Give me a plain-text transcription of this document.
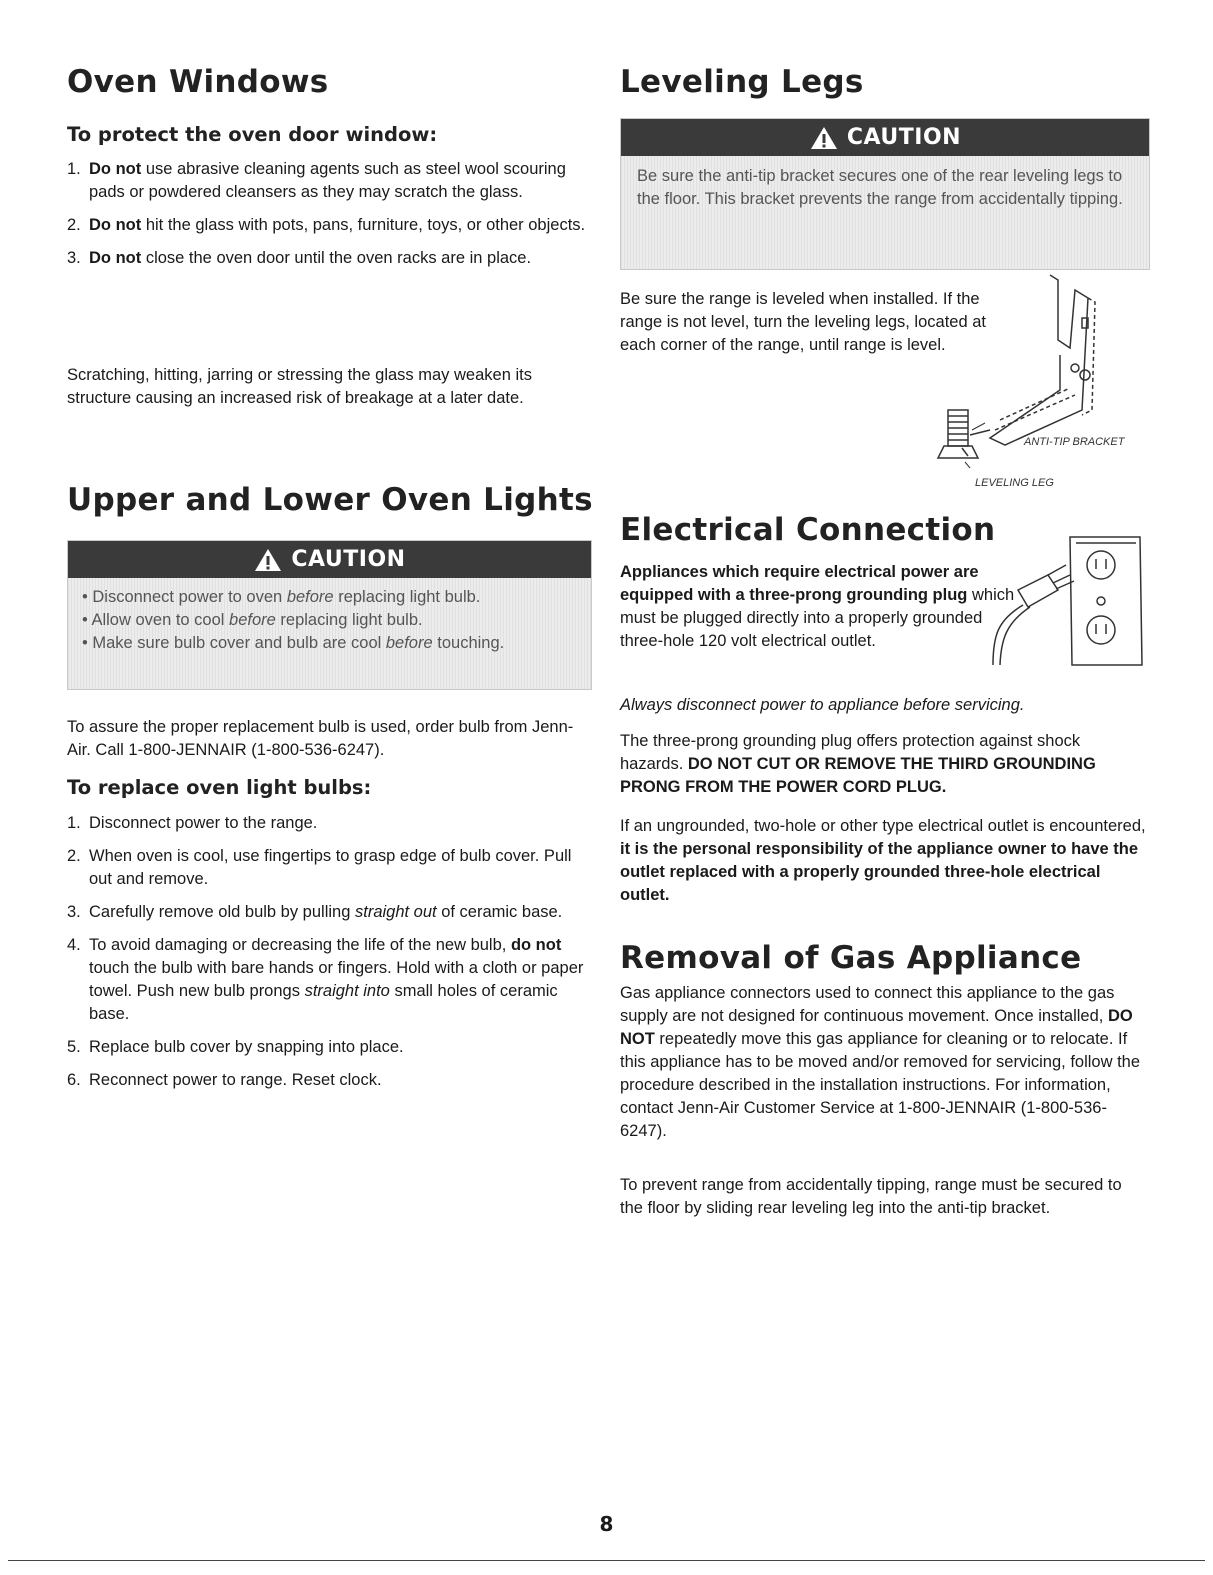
Oven Windows
To protect the oven door window:
1. Do not use abrasive cleaning agents such as steel wool scouring pads or powdered cleansers as they may scratch the glass.
2. Do not hit the glass with pots, pans, furniture, toys, or other objects.
3. Do not close the oven door until the oven racks are in place.

Scratching, hitting, jarring or stressing the glass may weaken its structure causing an increased risk of breakage at a later date.

Upper and Lower Oven Lights
CAUTION
• Disconnect power to oven before replacing light bulb.
• Allow oven to cool before replacing light bulb.
• Make sure bulb cover and bulb are cool before touching.

To assure the proper replacement bulb is used, order bulb from Jenn-Air. Call 1-800-JENNAIR (1-800-536-6247).

To replace oven light bulbs:
1. Disconnect power to the range.
2. When oven is cool, use fingertips to grasp edge of bulb cover. Pull out and remove.
3. Carefully remove old bulb by pulling straight out of ceramic base.
4. To avoid damaging or decreasing the life of the new bulb, do not touch the bulb with bare hands or fingers. Hold with a cloth or paper towel. Push new bulb prongs straight into small holes of ceramic base.
5. Replace bulb cover by snapping into place.
6. Reconnect power to range. Reset clock.
Leveling Legs
CAUTION
Be sure the anti-tip bracket secures one of the rear leveling legs to the floor. This bracket prevents the range from accidentally tipping.

Be sure the range is leveled when installed. If the range is not level, turn the leveling legs, located at each corner of the range, until range is level.

ANTI-TIP BRACKET
LEVELING LEG
Electrical Connection

Appliances which require electrical power are equipped with a three-prong grounding plug which must be plugged directly into a properly grounded three-hole 120 volt electrical outlet.

Always disconnect power to appliance before servicing.

The three-prong grounding plug offers protection against shock hazards. DO NOT CUT OR REMOVE THE THIRD GROUNDING PRONG FROM THE POWER CORD PLUG.

If an ungrounded, two-hole or other type electrical outlet is encountered, it is the personal responsibility of the appliance owner to have the outlet replaced with a properly grounded three-hole electrical outlet.

Removal of Gas Appliance

Gas appliance connectors used to connect this appliance to the gas supply are not designed for continuous movement. Once installed, DO NOT repeatedly move this gas appliance for cleaning or to relocate. If this appliance has to be moved and/or removed for servicing, follow the procedure described in the installation instructions. For information, contact Jenn-Air Customer Service at 1-800-JENNAIR (1-800-536-6247).

To prevent range from accidentally tipping, range must be secured to the floor by sliding rear leveling leg into the anti-tip bracket.

8
